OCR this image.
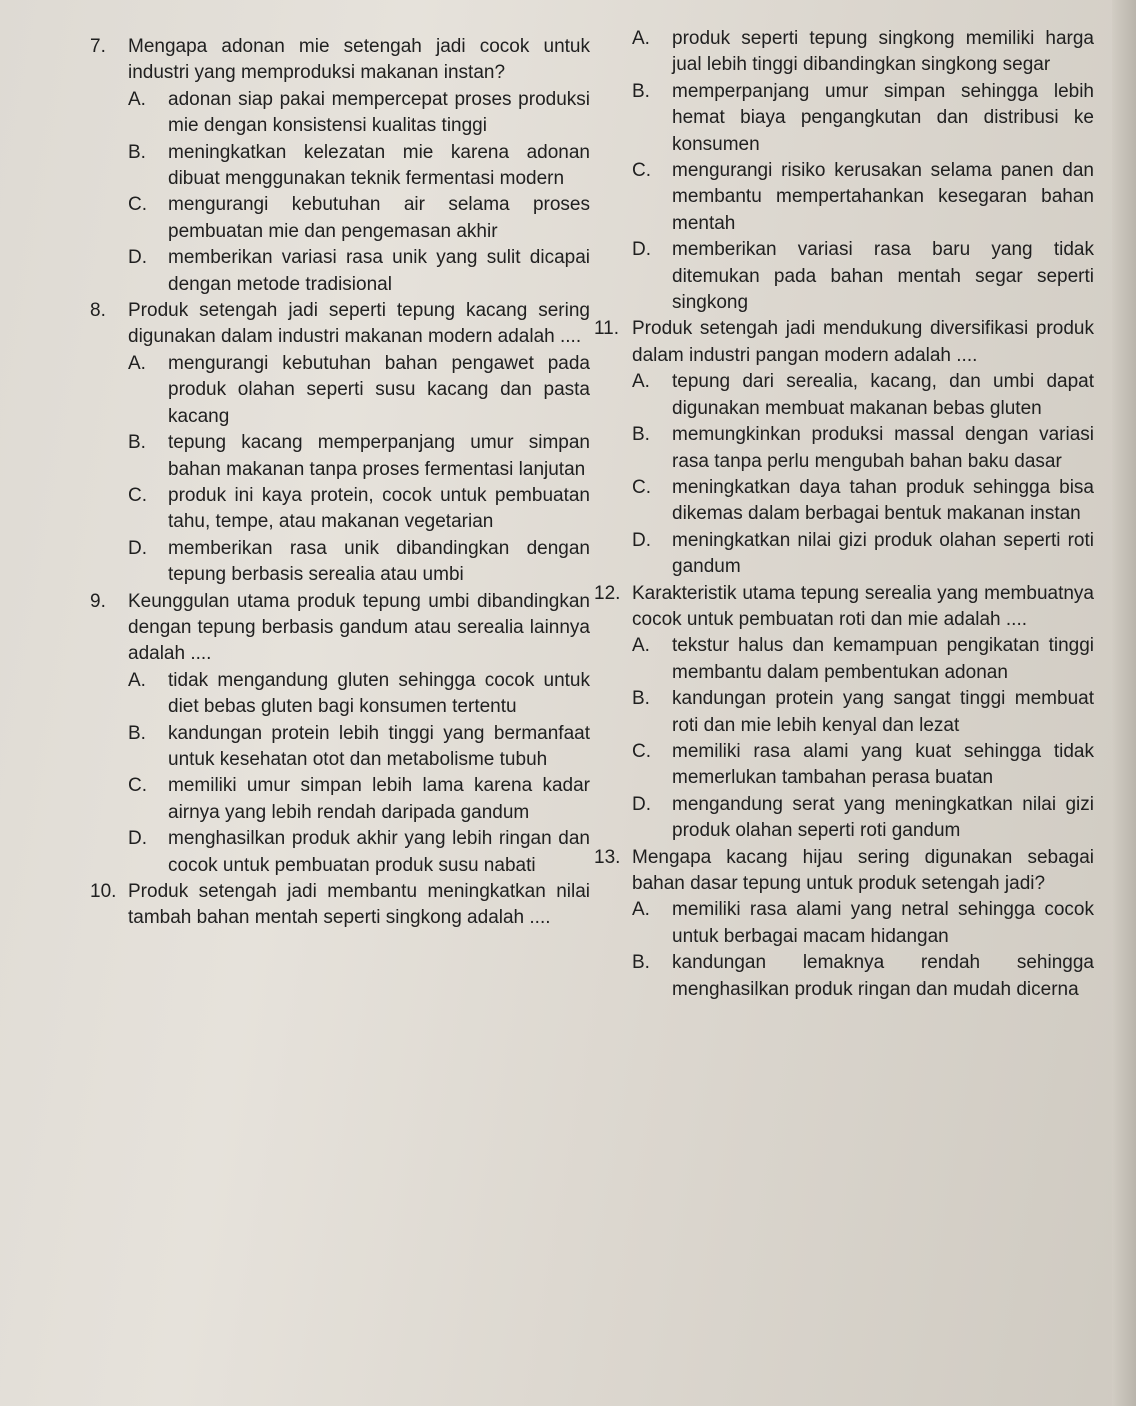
7. Mengapa adonan mie setengah jadi cocok untuk industri yang memproduksi makanan instan?
A. adonan siap pakai mempercepat proses produksi mie dengan konsistensi kualitas tinggi
B. meningkatkan kelezatan mie karena adonan dibuat menggunakan teknik fermentasi modern
C. mengurangi kebutuhan air selama proses pembuatan mie dan pengemasan akhir
D. memberikan variasi rasa unik yang sulit dicapai dengan metode tradisional
8. Produk setengah jadi seperti tepung kacang sering digunakan dalam industri makanan modern adalah ....
A. mengurangi kebutuhan bahan pengawet pada produk olahan seperti susu kacang dan pasta kacang
B. tepung kacang memperpanjang umur simpan bahan makanan tanpa proses fermentasi lanjutan
C. produk ini kaya protein, cocok untuk pembuatan tahu, tempe, atau makanan vegetarian
D. memberikan rasa unik dibandingkan dengan tepung berbasis serealia atau umbi
9. Keunggulan utama produk tepung umbi dibandingkan dengan tepung berbasis gandum atau serealia lainnya adalah ....
A. tidak mengandung gluten sehingga cocok untuk diet bebas gluten bagi konsumen tertentu
B. kandungan protein lebih tinggi yang bermanfaat untuk kesehatan otot dan metabolisme tubuh
C. memiliki umur simpan lebih lama karena kadar airnya yang lebih rendah daripada gandum
D. menghasilkan produk akhir yang lebih ringan dan cocok untuk pembuatan produk susu nabati
10. Produk setengah jadi membantu meningkatkan nilai tambah bahan mentah seperti singkong adalah ....
A. produk seperti tepung singkong memiliki harga jual lebih tinggi dibandingkan singkong segar
B. memperpanjang umur simpan sehingga lebih hemat biaya pengangkutan dan distribusi ke konsumen
C. mengurangi risiko kerusakan selama panen dan membantu mempertahankan kesegaran bahan mentah
D. memberikan variasi rasa baru yang tidak ditemukan pada bahan mentah segar seperti singkong
11. Produk setengah jadi mendukung diversifikasi produk dalam industri pangan modern adalah ....
A. tepung dari serealia, kacang, dan umbi dapat digunakan membuat makanan bebas gluten
B. memungkinkan produksi massal dengan variasi rasa tanpa perlu mengubah bahan baku dasar
C. meningkatkan daya tahan produk sehingga bisa dikemas dalam berbagai bentuk makanan instan
D. meningkatkan nilai gizi produk olahan seperti roti gandum
12. Karakteristik utama tepung serealia yang membuatnya cocok untuk pembuatan roti dan mie adalah ....
A. tekstur halus dan kemampuan pengikatan tinggi membantu dalam pembentukan adonan
B. kandungan protein yang sangat tinggi membuat roti dan mie lebih kenyal dan lezat
C. memiliki rasa alami yang kuat sehingga tidak memerlukan tambahan perasa buatan
D. mengandung serat yang meningkatkan nilai gizi produk olahan seperti roti gandum
13. Mengapa kacang hijau sering digunakan sebagai bahan dasar tepung untuk produk setengah jadi?
A. memiliki rasa alami yang netral sehingga cocok untuk berbagai macam hidangan
B. kandungan lemaknya rendah sehingga menghasilkan produk ringan dan mudah dicerna
